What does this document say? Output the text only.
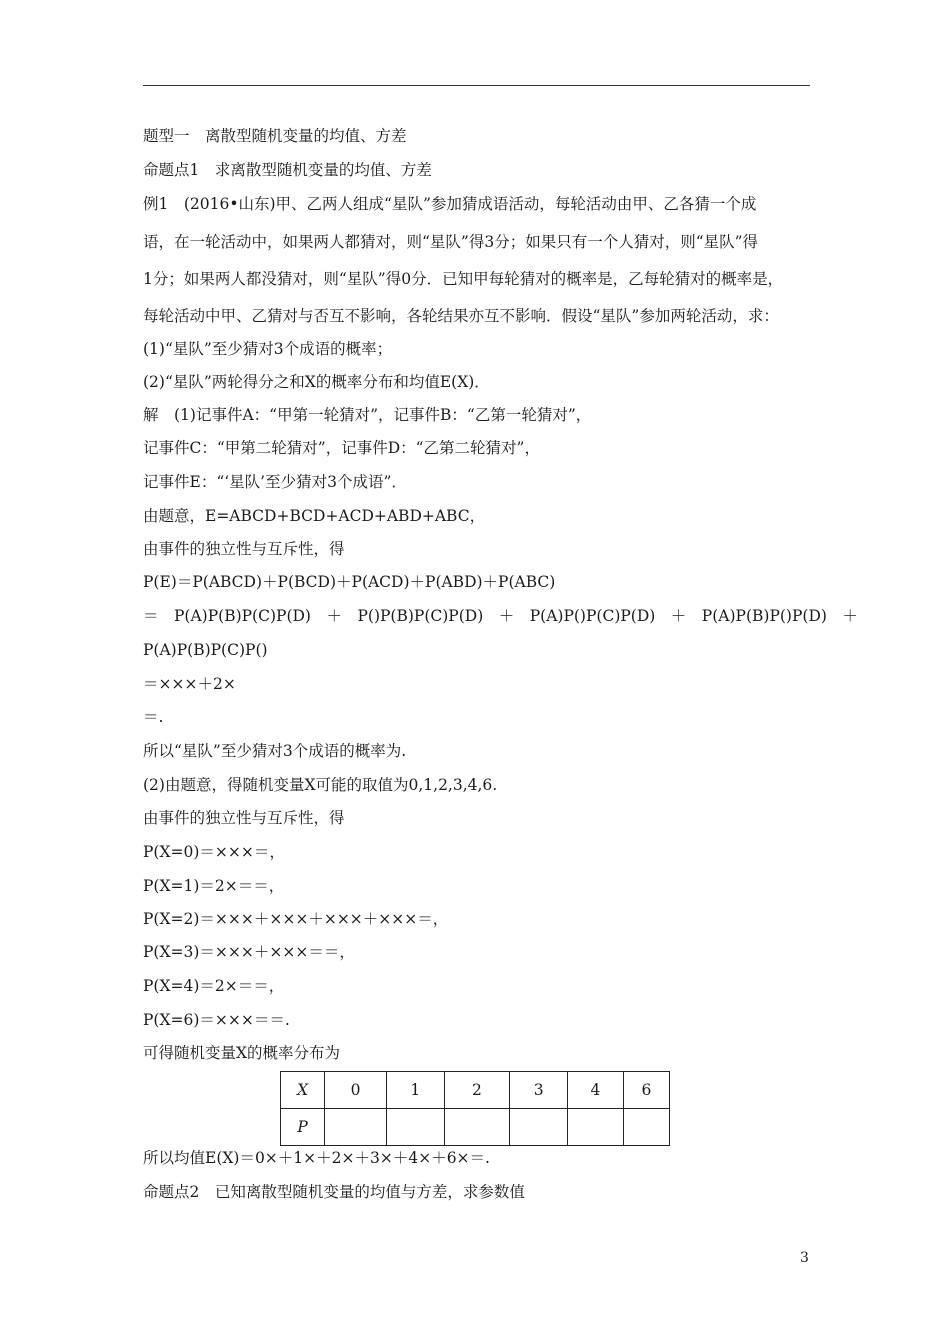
题型一　离散型随机变量的均值、方差
命题点1　求离散型随机变量的均值、方差
例1　(2016•山东)甲、乙两人组成“星队”参加猜成语活动，每轮活动由甲、乙各猜一个成
语，在一轮活动中，如果两人都猜对，则“星队”得3分；如果只有一个人猜对，则“星队”得
1分；如果两人都没猜对，则“星队”得0分．已知甲每轮猜对的概率是，乙每轮猜对的概率是，
每轮活动中甲、乙猜对与否互不影响，各轮结果亦互不影响．假设“星队”参加两轮活动，求：
(1)“星队”至少猜对3个成语的概率；
(2)“星队”两轮得分之和X的概率分布和均值E(X)．
解　(1)记事件A：“甲第一轮猜对”，记事件B：“乙第一轮猜对”，
记事件C：“甲第二轮猜对”，记事件D：“乙第二轮猜对”，
记事件E：“‘星队’至少猜对3个成语”．
由题意，E=ABCD+BCD+ACD+ABD+ABC，
由事件的独立性与互斥性，得
P(E)＝P(ABCD)＋P(BCD)＋P(ACD)＋P(ABD)＋P(ABC)
＝　P(A)P(B)P(C)P(D)　＋　P()P(B)P(C)P(D)　＋　P(A)P()P(C)P(D)　＋　P(A)P(B)P()P(D)　＋
P(A)P(B)P(C)P()
＝×××＋2×
＝.
所以“星队”至少猜对3个成语的概率为.
(2)由题意，得随机变量X可能的取值为0,1,2,3,4,6.
由事件的独立性与互斥性，得
P(X=0)＝×××＝，
P(X=1)＝2×＝＝，
P(X=2)＝×××＋×××＋×××＋×××＝，
P(X=3)＝×××＋×××＝＝，
P(X=4)＝2×＝＝，
P(X=6)＝×××＝＝.
可得随机变量X的概率分布为
X	0	1	2	3	4	6
P						
所以均值E(X)＝0×＋1×＋2×＋3×＋4×＋6×＝.
命题点2　已知离散型随机变量的均值与方差，求参数值
3
